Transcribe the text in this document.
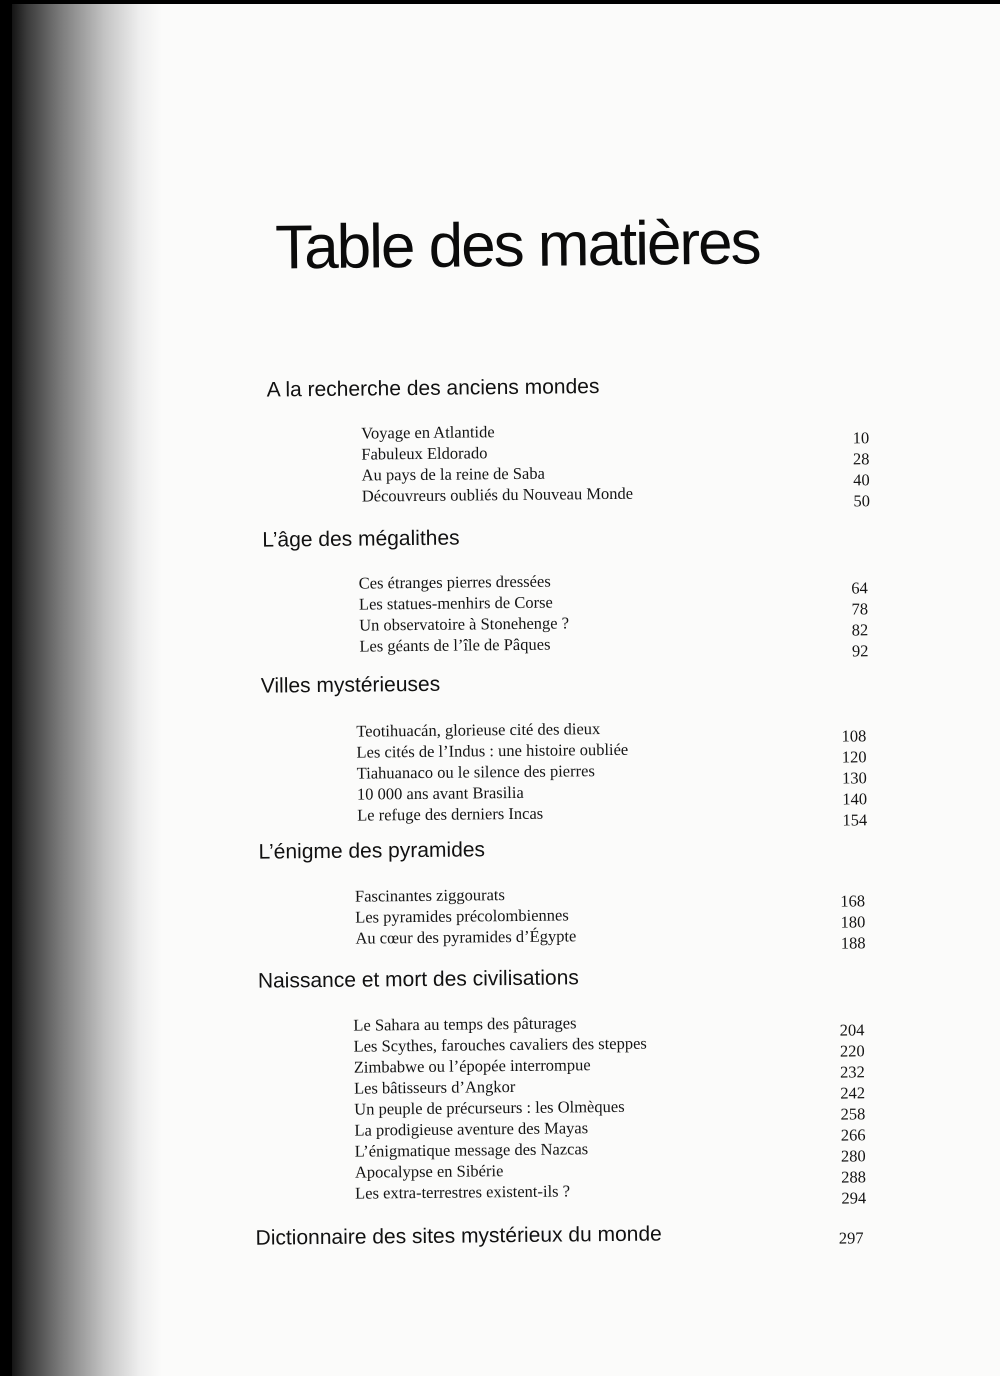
Table des matières
A la recherche des anciens mondes
Voyage en Atlantide	10
Fabuleux Eldorado	28
Au pays de la reine de Saba	40
Découvreurs oubliés du Nouveau Monde	50
L’âge des mégalithes
Ces étranges pierres dressées	64
Les statues-menhirs de Corse	78
Un observatoire à Stonehenge ?	82
Les géants de l’île de Pâques	92
Villes mystérieuses
Teotihuacán, glorieuse cité des dieux	108
Les cités de l’Indus : une histoire oubliée	120
Tiahuanaco ou le silence des pierres	130
10 000 ans avant Brasilia	140
Le refuge des derniers Incas	154
L’énigme des pyramides
Fascinantes ziggourats	168
Les pyramides précolombiennes	180
Au cœur des pyramides d’Égypte	188
Naissance et mort des civilisations
Le Sahara au temps des pâturages	204
Les Scythes, farouches cavaliers des steppes	220
Zimbabwe ou l’épopée interrompue	232
Les bâtisseurs d’Angkor	242
Un peuple de précurseurs : les Olmèques	258
La prodigieuse aventure des Mayas	266
L’énigmatique message des Nazcas	280
Apocalypse en Sibérie	288
Les extra-terrestres existent-ils ?	294
Dictionnaire des sites mystérieux du monde	297
